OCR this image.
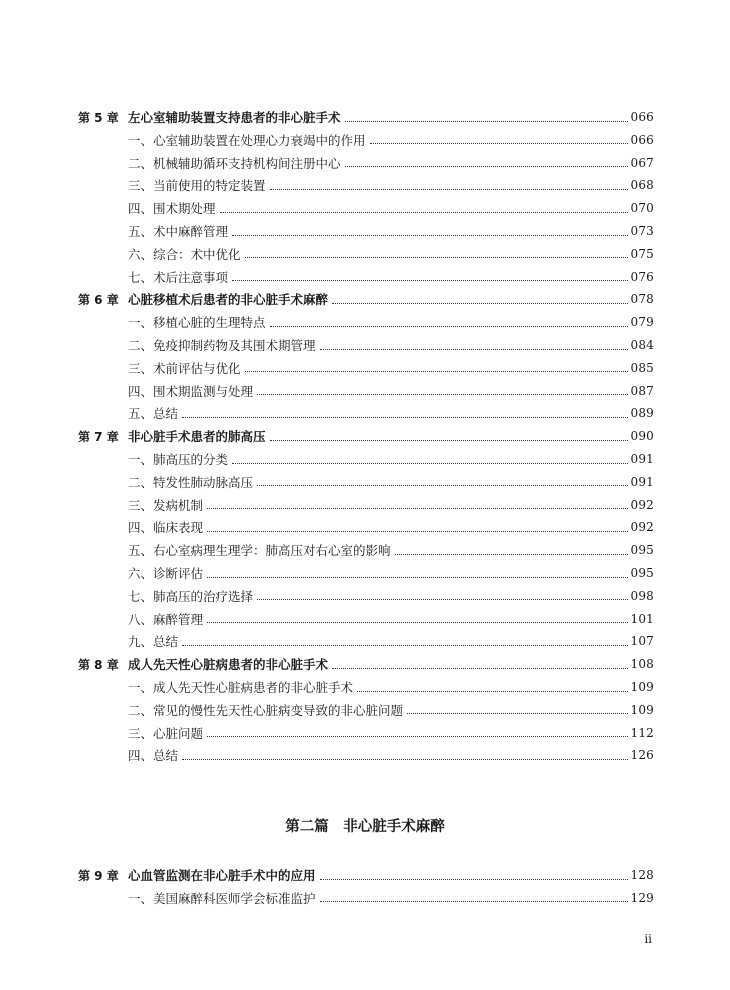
第 5 章 左心室辅助装置支持患者的非心脏手术	066
一、心室辅助装置在处理心力衰竭中的作用	066
二、机械辅助循环支持机构间注册中心	067
三、当前使用的特定装置	068
四、围术期处理	070
五、术中麻醉管理	073
六、综合：术中优化	075
七、术后注意事项	076
第 6 章 心脏移植术后患者的非心脏手术麻醉	078
一、移植心脏的生理特点	079
二、免疫抑制药物及其围术期管理	084
三、术前评估与优化	085
四、围术期监测与处理	087
五、总结	089
第 7 章 非心脏手术患者的肺高压	090
一、肺高压的分类	091
二、特发性肺动脉高压	091
三、发病机制	092
四、临床表现	092
五、右心室病理生理学：肺高压对右心室的影响	095
六、诊断评估	095
七、肺高压的治疗选择	098
八、麻醉管理	101
九、总结	107
第 8 章 成人先天性心脏病患者的非心脏手术	108
一、成人先天性心脏病患者的非心脏手术	109
二、常见的慢性先天性心脏病变导致的非心脏问题	109
三、心脏问题	112
四、总结	126
第 9 章 心血管监测在非心脏手术中的应用	128
一、美国麻醉科医师学会标准监护	129
第二篇　非心脏手术麻醉
ii
